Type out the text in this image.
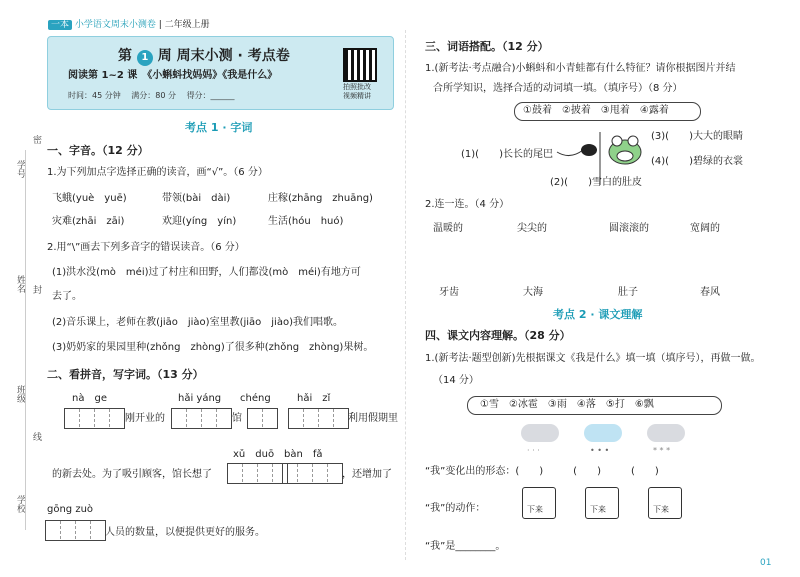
学号
姓名
班级
学校
密
封
线
一本 小学语文周末小测卷 | 二年级上册
第 1 周 周末小测 · 考点卷
阅读第 1~2 课　《小蝌蚪找妈妈》《我是什么》
时间：45 分钟　 满分：80 分　 得分：______
拍照批改
视频精讲
考点 1 · 字词
一、字音。（12 分）
1.为下列加点字选择正确的读音，画“√”。（6 分）
飞蛾(yuè　yuē)	带领(bài　dài)	庄稼(zhāng　zhuāng)
灾难(zhāi　zāi)	欢迎(yíng　yín)	生活(hóu　huó)
2.用“\”画去下列多音字的错误读音。（6 分）
(1)洪水没(mò　méi)过了村庄和田野，人们都没(mò　méi)有地方可
去了。
(2)音乐课上，老师在教(jiāo　jiào)室里教(jiāo　jiào)我们唱歌。
(3)奶奶家的果园里种(zhǒng　zhòng)了很多种(zhǒng　zhòng)果树。
二、看拼音，写字词。（13 分）
nà　ge	hǎi yáng chéng	hǎi　zǐ
刚开业的	馆	利用假期里
xǔ　duō bàn　fǎ
的新去处。为了吸引顾客，馆长想了	，还增加了
gōng zuò
人员的数量，以便提供更好的服务。
三、词语搭配。（12 分）
1.(新考法·考点融合)小蝌蚪和小青蛙都有什么特征？请你根据图片并结
合所学知识，选择合适的动词填一填。（填序号）（8 分）
①鼓着　②披着　③甩着　④露着
(3)(　　)大大的眼睛
(4)(　　)碧绿的衣裳
(1)(　　)长长的尾巴
(2)(　　)雪白的肚皮
2.连一连。（4 分）
温暖的	尖尖的	圆滚滚的	宽阔的
牙齿	大海	肚子	春风
考点 2 · 课文理解
四、课文内容理解。（28 分）
1.(新考法·题型创新)先根据课文《我是什么》填一填（填序号），再做一做。
（14 分）
①雪　②冰雹　③雨　④落　⑤打　⑥飘
· · ·	• • •	* * *
“我”变化出的形态：(　　)　　　(　　)　　　(　　)
“我”的动作：	下来	下来	下来
“我”是________。
01
